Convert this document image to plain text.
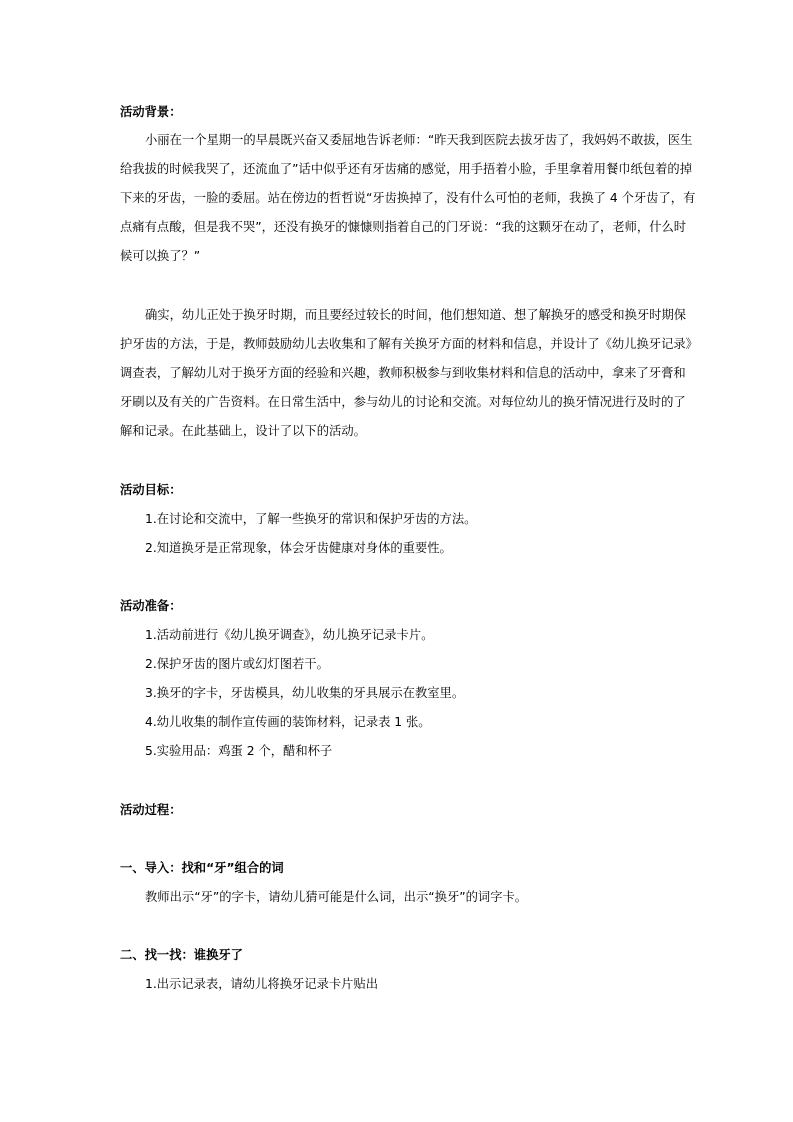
活动背景：
小丽在一个星期一的早晨既兴奋又委屈地告诉老师：“昨天我到医院去拔牙齿了，我妈妈不敢拔，医生
给我拔的时候我哭了，还流血了”话中似乎还有牙齿痛的感觉，用手捂着小脸，手里拿着用餐巾纸包着的掉
下来的牙齿，一脸的委屈。站在傍边的哲哲说“牙齿换掉了，没有什么可怕的老师，我换了 4 个牙齿了，有
点痛有点酸，但是我不哭”，还没有换牙的慷慷则指着自己的门牙说：“我的这颗牙在动了，老师，什么时
候可以换了？”
确实，幼儿正处于换牙时期，而且要经过较长的时间，他们想知道、想了解换牙的感受和换牙时期保
护牙齿的方法，于是，教师鼓励幼儿去收集和了解有关换牙方面的材料和信息，并设计了《幼儿换牙记录》
调查表，了解幼儿对于换牙方面的经验和兴趣，教师积极参与到收集材料和信息的活动中，拿来了牙膏和
牙刷以及有关的广告资料。在日常生活中，参与幼儿的讨论和交流。对每位幼儿的换牙情况进行及时的了
解和记录。在此基础上，设计了以下的活动。
活动目标：
1.在讨论和交流中，了解一些换牙的常识和保护牙齿的方法。
2.知道换牙是正常现象，体会牙齿健康对身体的重要性。
活动准备：
1.活动前进行《幼儿换牙调查》，幼儿换牙记录卡片。
2.保护牙齿的图片或幻灯图若干。
3.换牙的字卡，牙齿模具，幼儿收集的牙具展示在教室里。
4.幼儿收集的制作宣传画的装饰材料，记录表 1 张。
5.实验用品：鸡蛋 2 个，醋和杯子
活动过程：
一、导入：找和“牙”组合的词
教师出示“牙”的字卡，请幼儿猜可能是什么词，出示“换牙”的词字卡。
二、找一找：谁换牙了
1.出示记录表，请幼儿将换牙记录卡片贴出
